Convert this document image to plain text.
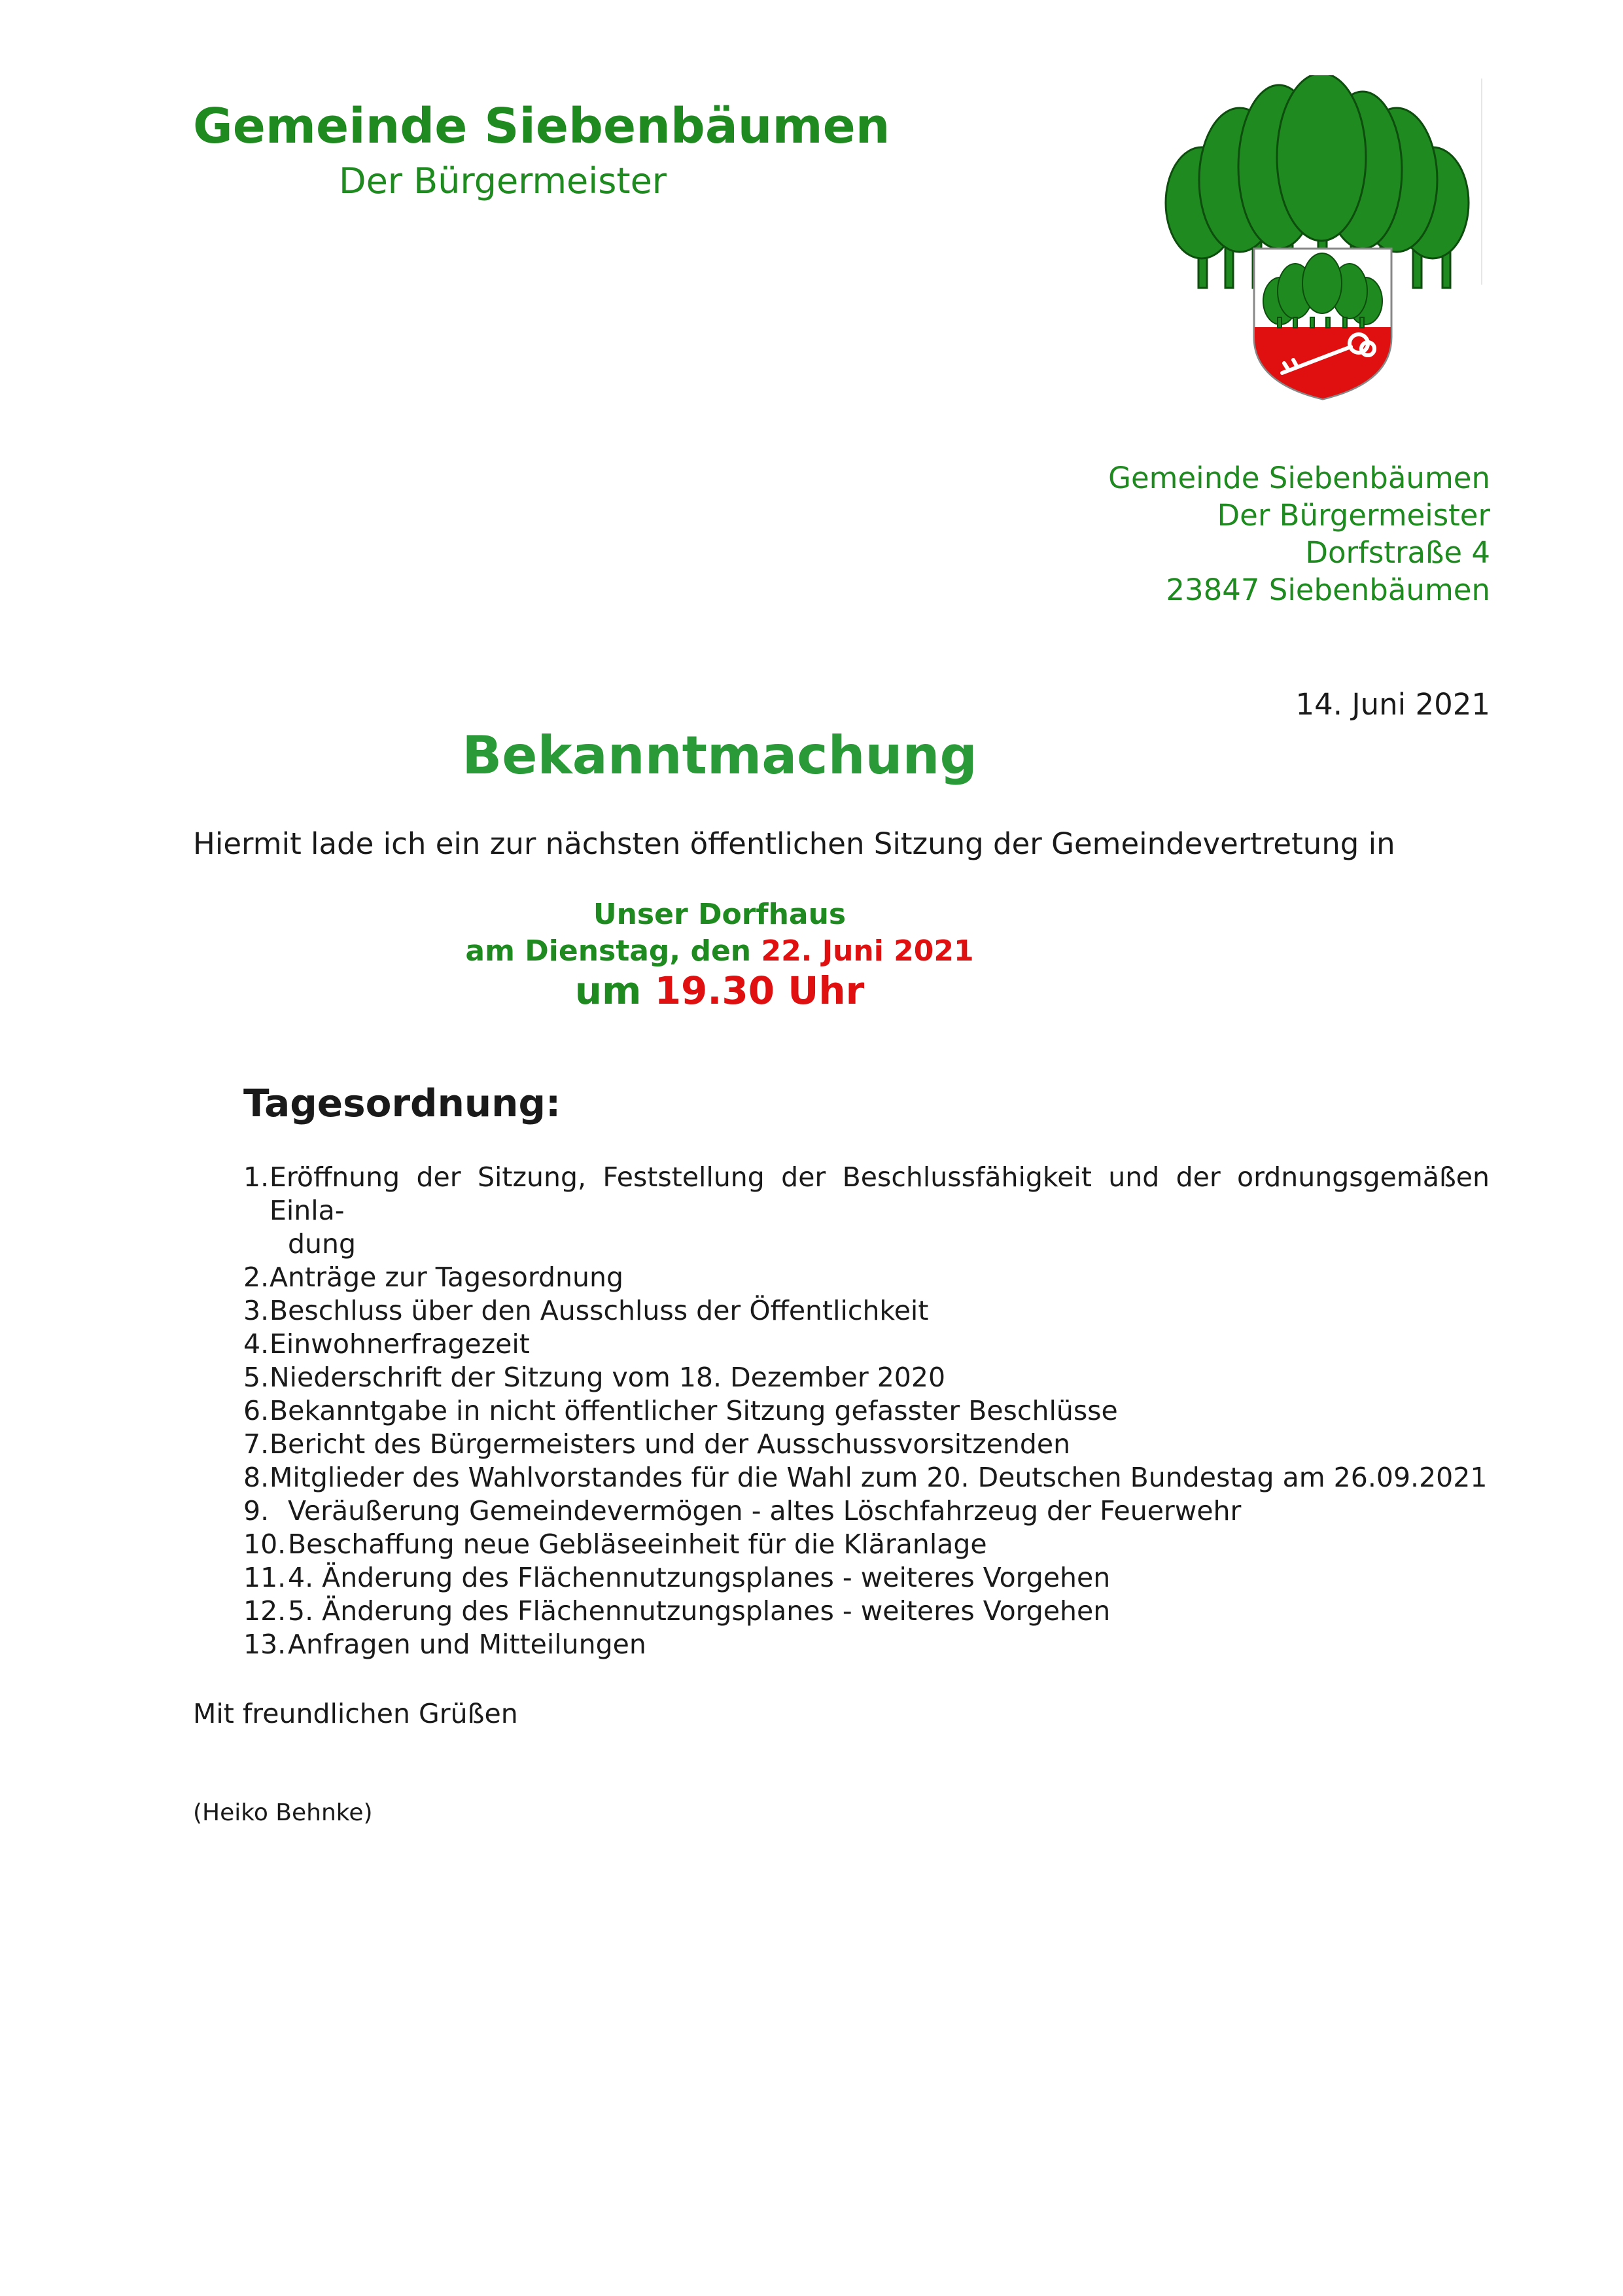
Gemeinde Siebenbäumen
Der Bürgermeister
Gemeinde Siebenbäumen
Der Bürgermeister
Dorfstraße 4
23847 Siebenbäumen
14. Juni 2021
Bekanntmachung
Hiermit lade ich ein zur nächsten öffentlichen Sitzung der Gemeindevertretung in
Unser Dorfhaus
am Dienstag, den 22. Juni 2021
um 19.30 Uhr
Tagesordnung:
1. Eröffnung der Sitzung, Feststellung der Beschlussfähigkeit und der ordnungsgemäßen Einla-
dung
2. Anträge zur Tagesordnung
3. Beschluss über den Ausschluss der Öffentlichkeit
4. Einwohnerfragezeit
5. Niederschrift der Sitzung vom 18. Dezember 2020
6. Bekanntgabe in nicht öffentlicher Sitzung gefasster Beschlüsse
7. Bericht des Bürgermeisters und der Ausschussvorsitzenden
8. Mitglieder des Wahlvorstandes für die Wahl zum 20. Deutschen Bundestag am 26.09.2021
9. Veräußerung Gemeindevermögen - altes Löschfahrzeug der Feuerwehr
10. Beschaffung neue Gebläseeinheit für die Kläranlage
11. 4. Änderung des Flächennutzungsplanes - weiteres Vorgehen
12. 5. Änderung des Flächennutzungsplanes - weiteres Vorgehen
13. Anfragen und Mitteilungen
Mit freundlichen Grüßen
(Heiko Behnke)
